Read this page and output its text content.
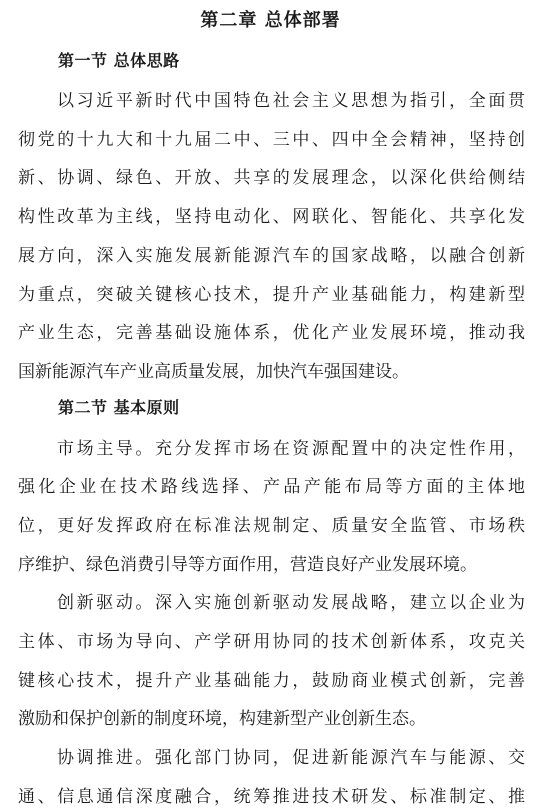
第二章 总体部署
第一节 总体思路
以习近平新时代中国特色社会主义思想为指引，全面贯
彻党的十九大和十九届二中、三中、四中全会精神，坚持创
新、协调、绿色、开放、共享的发展理念，以深化供给侧结
构性改革为主线，坚持电动化、网联化、智能化、共享化发
展方向，深入实施发展新能源汽车的国家战略，以融合创新
为重点，突破关键核心技术，提升产业基础能力，构建新型
产业生态，完善基础设施体系，优化产业发展环境，推动我
国新能源汽车产业高质量发展，加快汽车强国建设。
第二节 基本原则
市场主导。充分发挥市场在资源配置中的决定性作用，
强化企业在技术路线选择、产品产能布局等方面的主体地
位，更好发挥政府在标准法规制定、质量安全监管、市场秩
序维护、绿色消费引导等方面作用，营造良好产业发展环境。
创新驱动。深入实施创新驱动发展战略，建立以企业为
主体、市场为导向、产学研用协同的技术创新体系，攻克关
键核心技术，提升产业基础能力，鼓励商业模式创新，完善
激励和保护创新的制度环境，构建新型产业创新生态。
协调推进。强化部门协同，促进新能源汽车与能源、交
通、信息通信深度融合，统筹推进技术研发、标准制定、推
